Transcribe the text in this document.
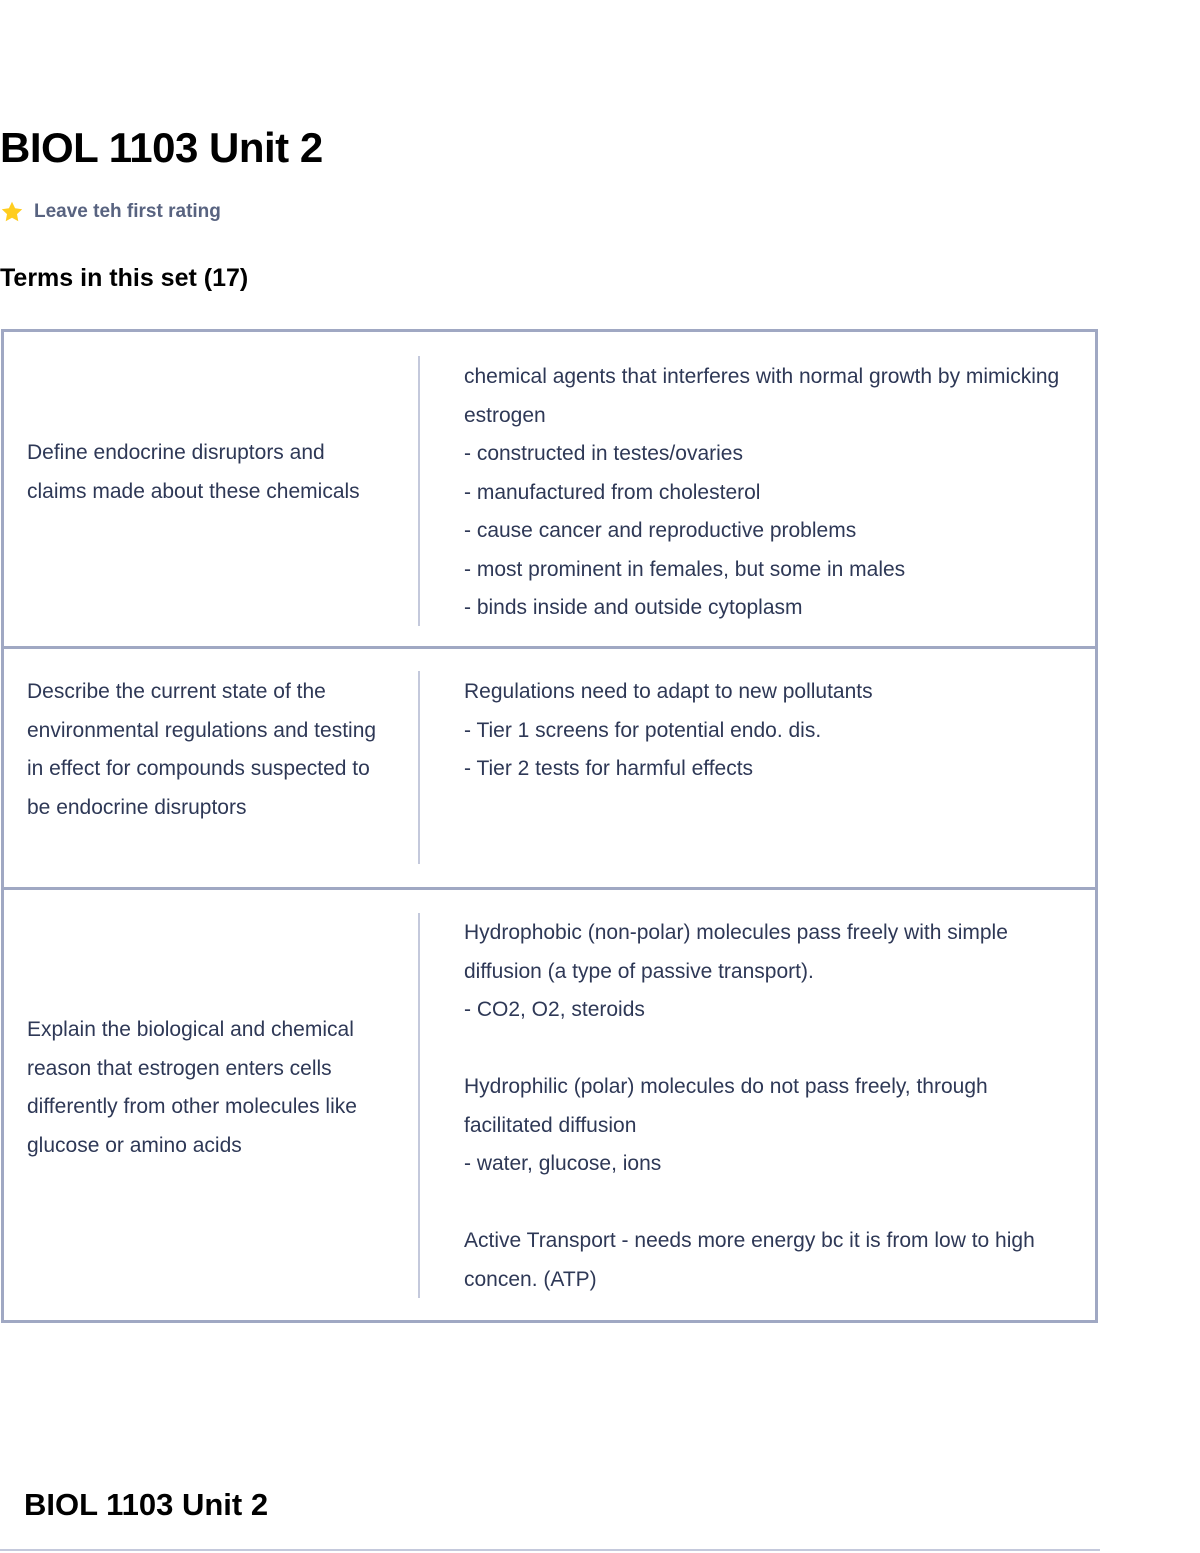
BIOL 1103 Unit 2
Leave teh first rating
Terms in this set (17)
Define endocrine disruptors and claims made about these chemicals
chemical agents that interferes with normal growth by mimicking estrogen
- constructed in testes/ovaries
- manufactured from cholesterol
- cause cancer and reproductive problems
- most prominent in females, but some in males
- binds inside and outside cytoplasm
Describe the current state of the environmental regulations and testing in effect for compounds suspected to be endocrine disruptors
Regulations need to adapt to new pollutants
- Tier 1 screens for potential endo. dis.
- Tier 2 tests for harmful effects
Explain the biological and chemical reason that estrogen enters cells differently from other molecules like glucose or amino acids
Hydrophobic (non-polar) molecules pass freely with simple diffusion (a type of passive transport).
- CO2, O2, steroids

Hydrophilic (polar) molecules do not pass freely, through facilitated diffusion
- water, glucose, ions

Active Transport - needs more energy bc it is from low to high concen. (ATP)
BIOL 1103 Unit 2
